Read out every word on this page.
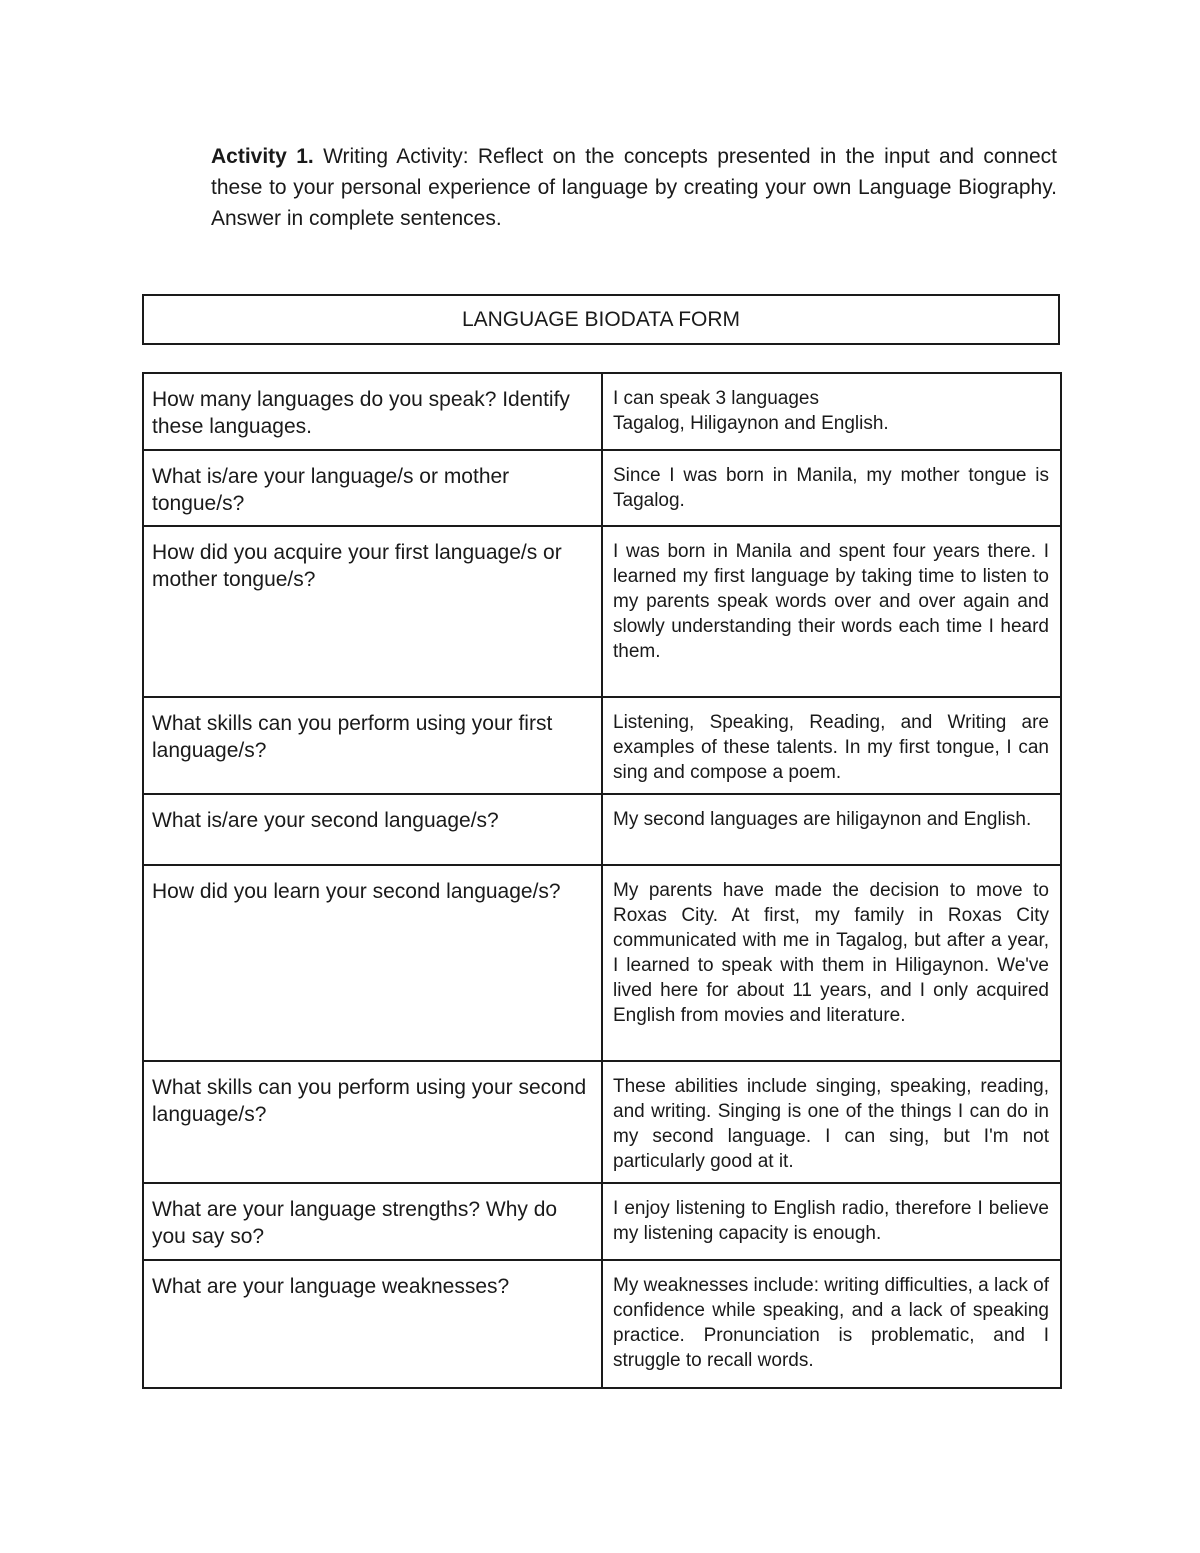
Activity 1. Writing Activity: Reflect on the concepts presented in the input and connect these to your personal experience of language by creating your own Language Biography. Answer in complete sentences.

LANGUAGE BIODATA FORM
How many languages do you speak? Identify these languages.	I can speak 3 languages
Tagalog, Hiligaynon and English.

What is/are your language/s or mother tongue/s?	Since I was born in Manila, my mother tongue is Tagalog.
How did you acquire your first language/s or mother tongue/s?	I was born in Manila and spent four years there. I learned my first language by taking time to listen to my parents speak words over and over again and slowly understanding their words each time I heard them.
What skills can you perform using your first language/s?	Listening, Speaking, Reading, and Writing are examples of these talents. In my first tongue, I can sing and compose a poem.
What is/are your second language/s?	My second languages are hiligaynon and English.
How did you learn your second language/s?	My parents have made the decision to move to Roxas City. At first, my family in Roxas City communicated with me in Tagalog, but after a year, I learned to speak with them in Hiligaynon. We've lived here for about 11 years, and I only acquired English from movies and literature.
What skills can you perform using your second language/s?	These abilities include singing, speaking, reading, and writing. Singing is one of the things I can do in my second language. I can sing, but I'm not particularly good at it.
What are your language strengths? Why do you say so?	I enjoy listening to English radio, therefore I believe my listening capacity is enough.
What are your language weaknesses?	My weaknesses include: writing difficulties, a lack of confidence while speaking, and a lack of speaking practice. Pronunciation is problematic, and I struggle to recall words.
